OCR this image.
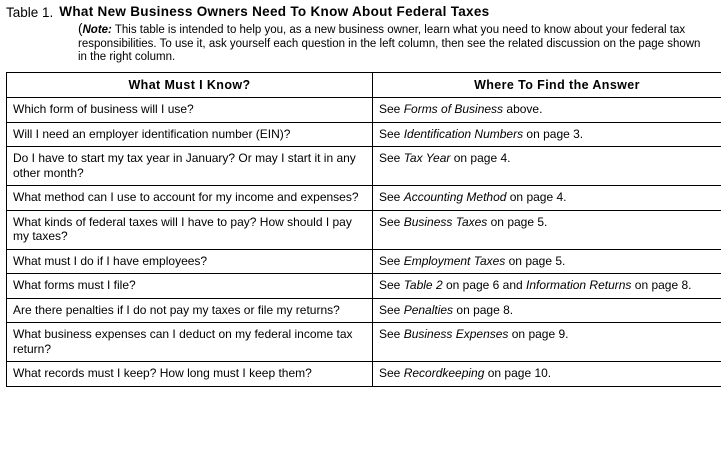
Table 1. What New Business Owners Need To Know About Federal Taxes
(Note: This table is intended to help you, as a new business owner, learn what you need to know about your federal tax responsibilities. To use it, ask yourself each question in the left column, then see the related discussion on the page shown in the right column.
What Must I Know?	Where To Find the Answer
Which form of business will I use?	See Forms of Business above.
Will I need an employer identification number (EIN)?	See Identification Numbers on page 3.
Do I have to start my tax year in January? Or may I start it in any other month?	See Tax Year on page 4.
What method can I use to account for my income and expenses?	See Accounting Method on page 4.
What kinds of federal taxes will I have to pay? How should I pay my taxes?	See Business Taxes on page 5.
What must I do if I have employees?	See Employment Taxes on page 5.
What forms must I file?	See Table 2 on page 6 and Information Returns on page 8.
Are there penalties if I do not pay my taxes or file my returns?	See Penalties on page 8.
What business expenses can I deduct on my federal income tax return?	See Business Expenses on page 9.
What records must I keep? How long must I keep them?	See Recordkeeping on page 10.
